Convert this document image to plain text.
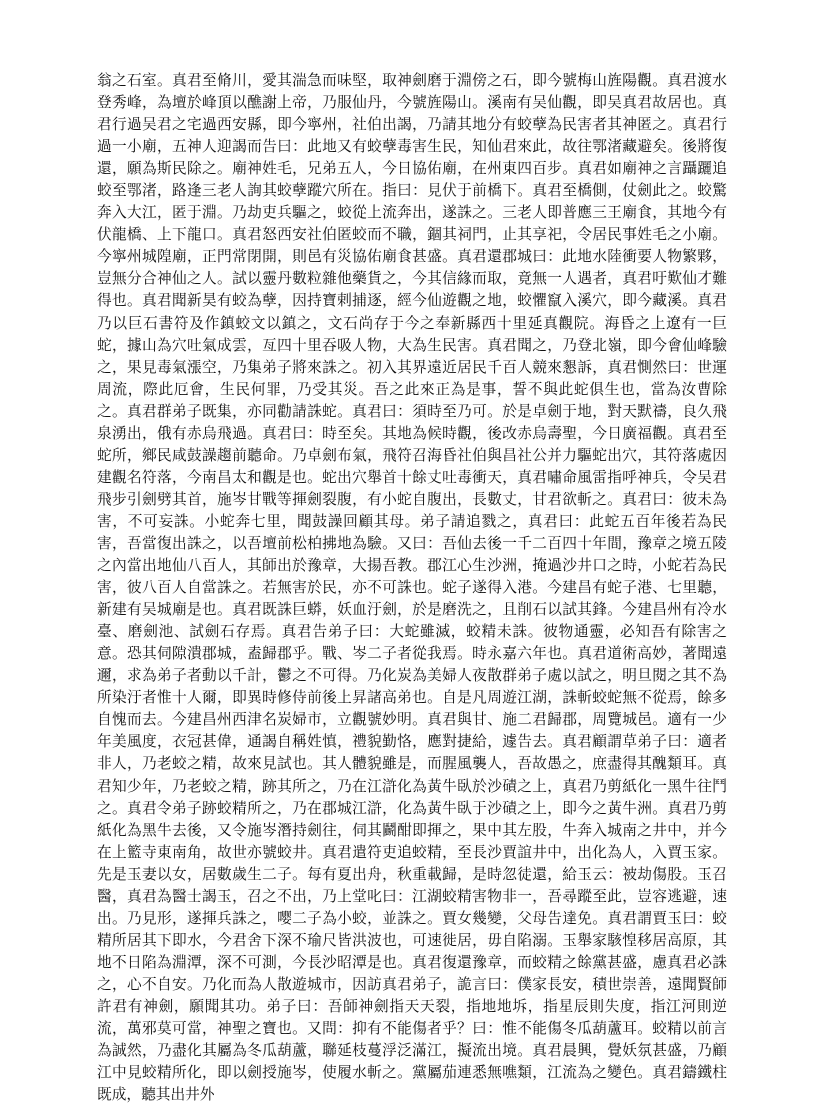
翁之石室。真君至脩川，愛其湍急而味堅，取神劍磨于淵傍之石，即今號梅山旌陽觀。真君渡水登秀峰，為壇於峰頂以醮謝上帝，乃服仙丹，今號旌陽山。溪南有吴仙觀，即吴真君故居也。真君行過吴君之宅過西安縣，即今寧州，社伯出謁，乃請其地分有蛟孽為民害者其神匿之。真君行過一小廟，五神人迎謁而告曰：此地又有蛟孽毒害生民，知仙君來此，故往鄂渚藏避矣。後將復還，願為斯民除之。廟神姓毛，兄弟五人，今日協佑廟，在州東四百步。真君如廟神之言躡躧追蛟至鄂渚，路逢三老人詢其蛟孽蹤穴所在。指曰：見伏于前橋下。真君至橋側，仗劍此之。蛟驚奔入大江，匿于淵。乃劫吏兵驅之，蛟從上流奔出，遂誅之。三老人即普應三王廟食，其地今有伏龍橋、上下龍口。真君怒西安社伯匿蛟而不職，錮其祠門，止其享祀，令居民事姓毛之小廟。今寧州城隍廟，正門常閉開，則邑有災協佑廟食甚盛。真君還郡城曰：此地水陸衝要人物繁夥，豈無分合神仙之人。試以靈丹數粒雜他藥貨之，今其信緣而取，竟無一人遇者，真君吁歎仙才難得也。真君聞新昊有蛟為孽，因持寶剌捕逐，經今仙遊觀之地，蛟懼竄入溪穴，即今藏溪。真君乃以巨石書符及作鎮蛟文以鎮之，文石尚存于今之奉新縣西十里延真觀院。海昏之上遼有一巨蛇，據山為穴吐氣成雲，亙四十里吞吸人物，大為生民害。真君聞之，乃登北嶺，即今會仙峰驗之，果見毒氣漲空，乃集弟子將來誅之。初入其界遠近居民千百人競來懇訴，真君惻然曰：世運周流，際此厄會，生民何罪，乃受其災。吾之此來正為是事，誓不與此蛇俱生也，當為汝曹除之。真君群弟子既集，亦同勸請誅蛇。真君曰：須時至乃可。於是卓劍于地，對天默禱，良久飛泉湧出，俄有赤烏飛過。真君曰：時至矣。其地為候時觀，後改赤烏壽聖，今日廣福觀。真君至蛇所，鄉民咸鼓譟趨前聽命。乃卓劍布氣，飛符召海昏社伯與昌社公并力驅蛇出穴，其符落處因建觀名符落，今南昌太和觀是也。蛇出穴舉首十餘丈吐毒衝天，真君嘯命風雷指呼神兵，令吴君飛步引劍劈其首，施岑甘戰等揮劍裂腹，有小蛇自腹出，長數丈，甘君欲斬之。真君曰：彼未為害，不可妄誅。小蛇奔七里，聞鼓譟回顧其母。弟子請追戮之，真君曰：此蛇五百年後若為民害，吾當復出誅之，以吾壇前松柏拂地為驗。又曰：吾仙去後一千二百四十年間，豫章之境五陵之內當出地仙八百人，其師出於豫章，大揚吾教。郡江心生沙洲，掩過沙井口之時，小蛇若為民害，彼八百人自當誅之。若無害於民，亦不可誅也。蛇子遂得入港。今建昌有蛇子港、七里聽，新建有吴城廟是也。真君既誅巨蟒，妖血汙劍，於是磨洗之，且削石以試其鋒。今建昌州有冷水臺、磨劍池、試劍石存焉。真君告弟子曰：大蛇雖滅，蛟精未誅。彼物通靈，必知吾有除害之意。恐其伺隙潰郡城，盍歸郡乎。戰、岑二子者從我焉。時永嘉六年也。真君道術高妙，著聞遠邇，求為弟子者動以千計，鬱之不可得。乃化炭為美婦人夜散群弟子處以試之，明旦閱之其不為所染汙者惟十人爾，即異時修侍前後上昇諸高弟也。自是凡周遊江湖，誅斬蛟蛇無不從焉，餘多自愧而去。今建昌州西津名炭婦市，立觀號妙明。真君與甘、施二君歸郡，周覽城邑。適有一少年美風度，衣冠甚偉，通謁自稱姓慎，禮貌勤恪，應對捷給，遽告去。真君顧謂草弟子曰：適者非人，乃老蛟之精，故來見試也。其人體貌雖是，而腥風襲人，吾故愚之，庶盡得其醜類耳。真君知少年，乃老蛟之精，跡其所之，乃在江滸化為黃牛臥於沙磧之上，真君乃剪紙化一黑牛往鬥之。真君令弟子跡蛟精所之，乃在郡城江滸，化為黃牛臥于沙磧之上，即今之黃牛洲。真君乃剪紙化為黑牛去後，又令施岑潛持劍往，伺其鬬酣即揮之，果中其左股，牛奔入城南之井中，并今在上籃寺東南角，故世亦號蛟井。真君遣符吏追蛟精，至長沙賈誼井中，出化為人，入賈玉家。先是玉妻以女，居數歲生二子。每有夏出舟，秋重載歸，是時忽徒還，給玉云：被劫傷股。玉召醫，真君為醫士謁玉，召之不出，乃上堂叱曰：江湖蛟精害物非一，吾尋蹤至此，豈容逃避，速出。乃見形，遂揮兵誅之，嘤二子為小蛟，並誅之。賈女幾變，父母告達免。真君謂賈玉曰：蛟精所居其下即水，今君舍下深不瑜尺皆洪波也，可速徙居，毋自陷溺。玉舉家駭惶移居高原，其地不日陷為淵潭，深不可測，今長沙昭潭是也。真君復還豫章，而蛟精之餘黨甚盛，慮真君必誅之，心不自安。乃化而為人散遊城市，因訪真君弟子，詭言曰：僕家長安，積世崇善，遠聞賢師許君有神劍，願聞其功。弟子曰：吾師神劍指天天裂，指地地坼，指星辰則失度，指江河則逆流，萬邪莫可當，神聖之寶也。又問：抑有不能傷者乎？曰：惟不能傷冬瓜葫蘆耳。蛟精以前言為誠然，乃盡化其屬為冬瓜葫蘆，聯延枝蔓浮泛滿江，擬流出境。真君晨興，覺妖氛甚盛，乃顧江中見蛟精所化，即以劍授施岑，使履水斬之。黨屬茄連悉無噍類，江流為之變色。真君鑄鐵柱既成，聽其出井外
